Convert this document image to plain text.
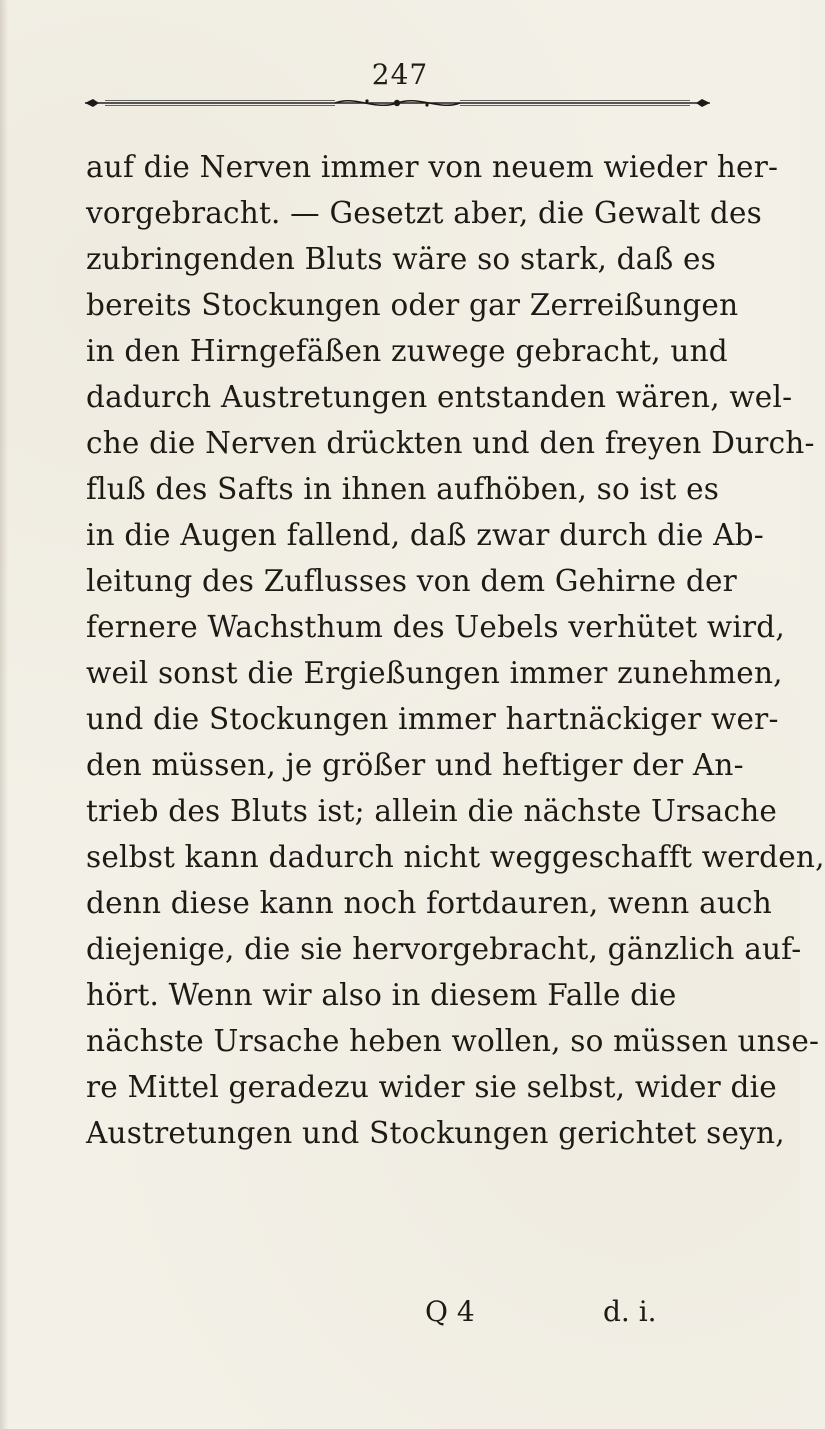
247
auf die Nerven immer von neuem wieder her-
vorgebracht. — Gesetzt aber, die Gewalt des
zubringenden Bluts wäre so stark, daß es
bereits Stockungen oder gar Zerreißungen
in den Hirngefäßen zuwege gebracht, und
dadurch Austretungen entstanden wären, wel-
che die Nerven drückten und den freyen Durch-
fluß des Safts in ihnen aufhöben, so ist es
in die Augen fallend, daß zwar durch die Ab-
leitung des Zuflusses von dem Gehirne der
fernere Wachsthum des Uebels verhütet wird,
weil sonst die Ergießungen immer zunehmen,
und die Stockungen immer hartnäckiger wer-
den müssen, je größer und heftiger der An-
trieb des Bluts ist; allein die nächste Ursache
selbst kann dadurch nicht weggeschafft werden,
denn diese kann noch fortdauren, wenn auch
diejenige, die sie hervorgebracht, gänzlich auf-
hört. Wenn wir also in diesem Falle die
nächste Ursache heben wollen, so müssen unse-
re Mittel geradezu wider sie selbst, wider die
Austretungen und Stockungen gerichtet seyn,
Q 4	d. i.
